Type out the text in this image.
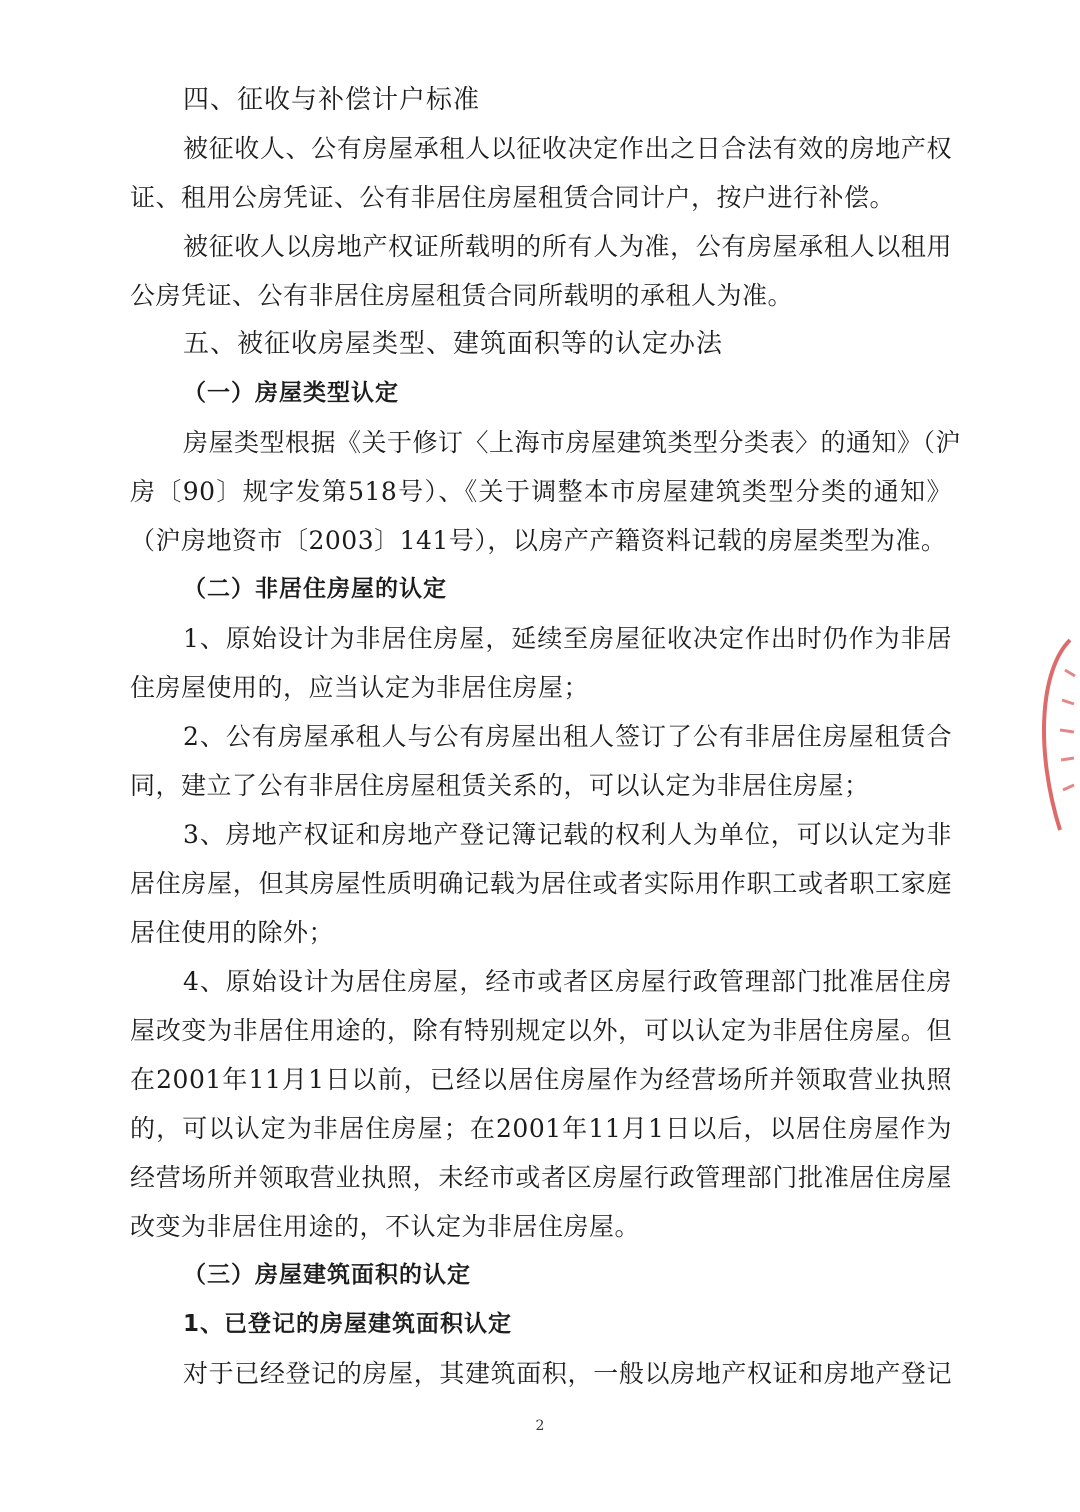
四、征收与补偿计户标准
被征收人、公有房屋承租人以征收决定作出之日合法有效的房地产权
证、租用公房凭证、公有非居住房屋租赁合同计户，按户进行补偿。
被征收人以房地产权证所载明的所有人为准，公有房屋承租人以租用
公房凭证、公有非居住房屋租赁合同所载明的承租人为准。
五、被征收房屋类型、建筑面积等的认定办法
（一）房屋类型认定
房屋类型根据《关于修订〈上海市房屋建筑类型分类表〉的通知》（沪
房〔90〕规字发第518号）、《关于调整本市房屋建筑类型分类的通知》
（沪房地资市〔2003〕141号），以房产产籍资料记载的房屋类型为准。
（二）非居住房屋的认定
1、原始设计为非居住房屋，延续至房屋征收决定作出时仍作为非居
住房屋使用的，应当认定为非居住房屋；
2、公有房屋承租人与公有房屋出租人签订了公有非居住房屋租赁合
同，建立了公有非居住房屋租赁关系的，可以认定为非居住房屋；
3、房地产权证和房地产登记簿记载的权利人为单位，可以认定为非
居住房屋，但其房屋性质明确记载为居住或者实际用作职工或者职工家庭
居住使用的除外；
4、原始设计为居住房屋，经市或者区房屋行政管理部门批准居住房
屋改变为非居住用途的，除有特别规定以外，可以认定为非居住房屋。但
在2001年11月1日以前，已经以居住房屋作为经营场所并领取营业执照
的，可以认定为非居住房屋；在2001年11月1日以后，以居住房屋作为
经营场所并领取营业执照，未经市或者区房屋行政管理部门批准居住房屋
改变为非居住用途的，不认定为非居住房屋。
（三）房屋建筑面积的认定
1、已登记的房屋建筑面积认定
对于已经登记的房屋，其建筑面积，一般以房地产权证和房地产登记
2
